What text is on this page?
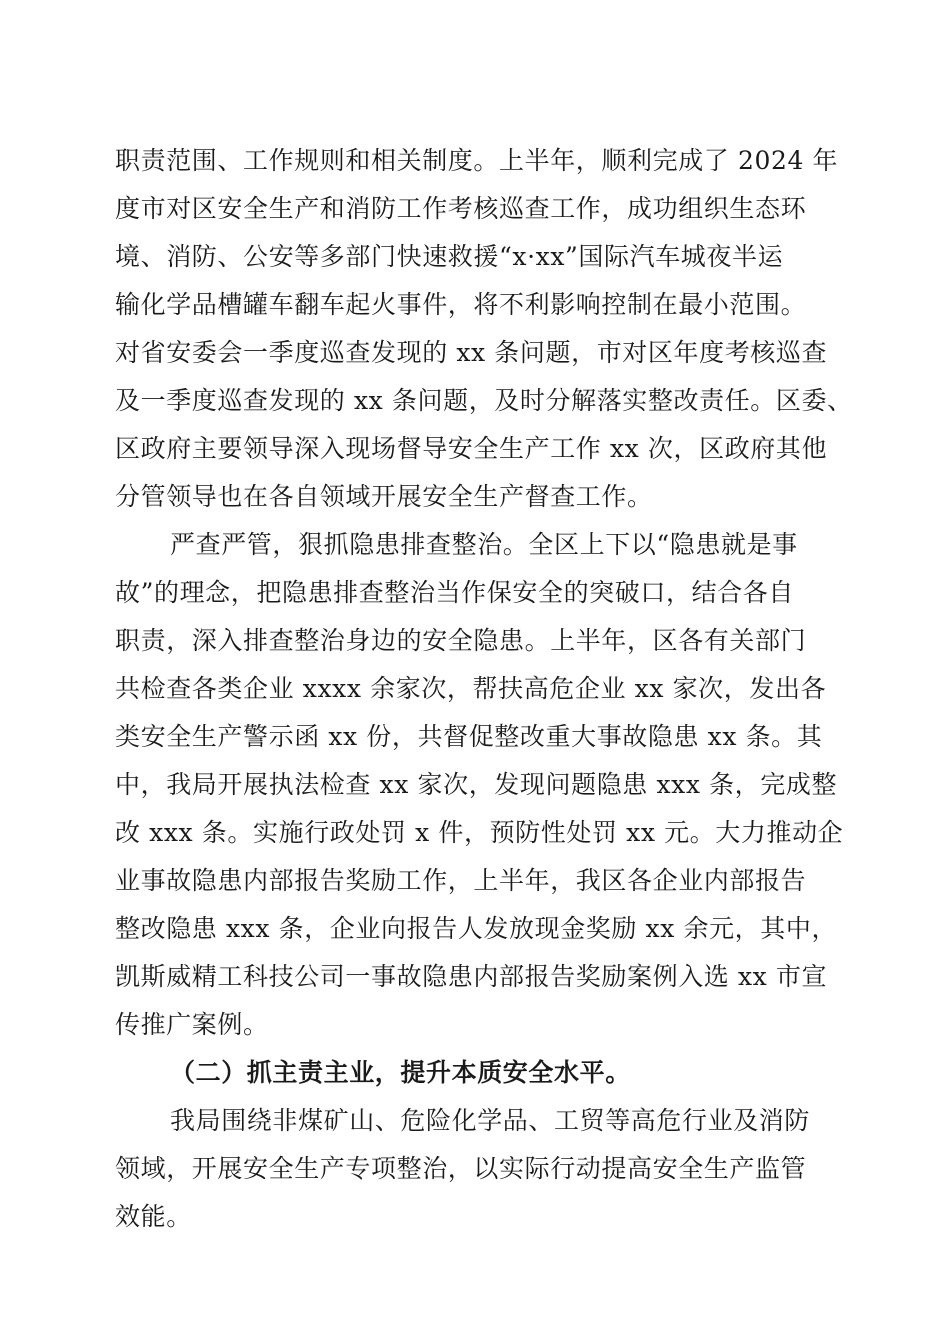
职责范围、工作规则和相关制度。上半年，顺利完成了 2024 年
度市对区安全生产和消防工作考核巡查工作，成功组织生态环
境、消防、公安等多部门快速救援“x·xx”国际汽车城夜半运
输化学品槽罐车翻车起火事件，将不利影响控制在最小范围。
对省安委会一季度巡查发现的 xx 条问题，市对区年度考核巡查
及一季度巡查发现的 xx 条问题，及时分解落实整改责任。区委、
区政府主要领导深入现场督导安全生产工作 xx 次，区政府其他
分管领导也在各自领域开展安全生产督查工作。
严查严管，狠抓隐患排查整治。全区上下以“隐患就是事
故”的理念，把隐患排查整治当作保安全的突破口，结合各自
职责，深入排查整治身边的安全隐患。上半年，区各有关部门
共检查各类企业 xxxx 余家次，帮扶高危企业 xx 家次，发出各
类安全生产警示函 xx 份，共督促整改重大事故隐患 xx 条。其
中，我局开展执法检查 xx 家次，发现问题隐患 xxx 条，完成整
改 xxx 条。实施行政处罚 x 件，预防性处罚 xx 元。大力推动企
业事故隐患内部报告奖励工作，上半年，我区各企业内部报告
整改隐患 xxx 条，企业向报告人发放现金奖励 xx 余元，其中，
凯斯威精工科技公司一事故隐患内部报告奖励案例入选 xx 市宣
传推广案例。
（二）抓主责主业，提升本质安全水平。
我局围绕非煤矿山、危险化学品、工贸等高危行业及消防
领域，开展安全生产专项整治，以实际行动提高安全生产监管
效能。
